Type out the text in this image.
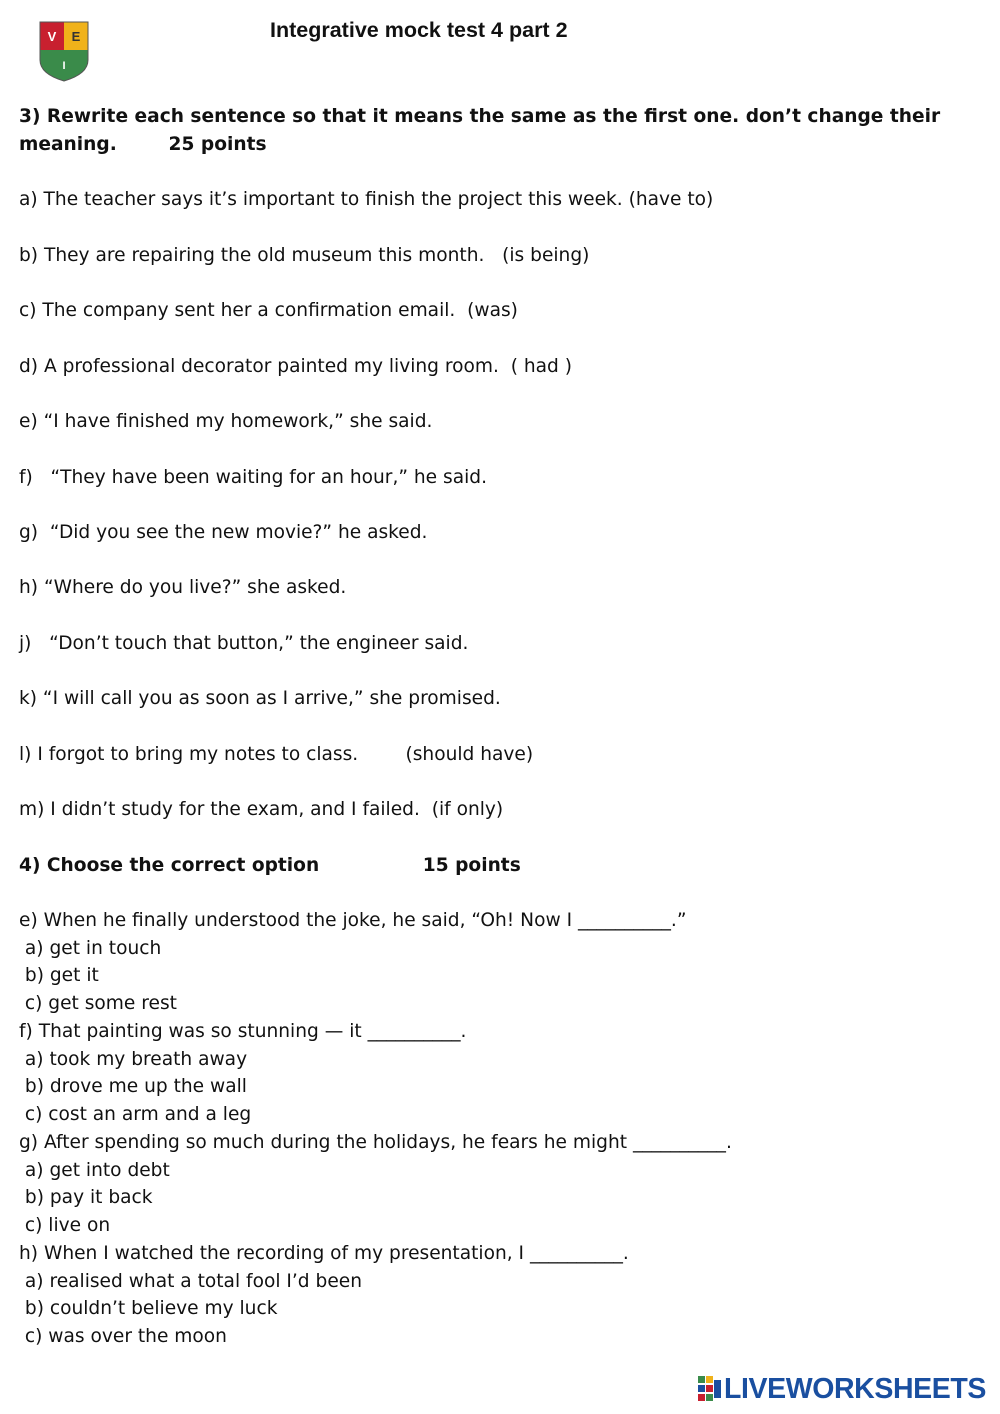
V E
I
Integrative mock test 4 part 2
3) Rewrite each sentence so that it means the same as the first one. don’t change their
meaning.        25 points
a) The teacher says it’s important to finish the project this week. (have to)
b) They are repairing the old museum this month.   (is being)
c) The company sent her a confirmation email.  (was)
d) A professional decorator painted my living room.  ( had )
e) “I have finished my homework,” she said.
f)   “They have been waiting for an hour,” he said.
g)  “Did you see the new movie?” he asked.
h) “Where do you live?” she asked.
j)   “Don’t touch that button,” the engineer said.
k) “I will call you as soon as I arrive,” she promised.
l) I forgot to bring my notes to class.        (should have)
m) I didn’t study for the exam, and I failed.  (if only)
4) Choose the correct option                15 points
e) When he finally understood the joke, he said, “Oh! Now I __________.”
a) get in touch
b) get it
c) get some rest
f) That painting was so stunning — it __________.
a) took my breath away
b) drove me up the wall
c) cost an arm and a leg
g) After spending so much during the holidays, he fears he might __________.
a) get into debt
b) pay it back
c) live on
h) When I watched the recording of my presentation, I __________.
a) realised what a total fool I’d been
b) couldn’t believe my luck
c) was over the moon
LIVEWORKSHEETS
